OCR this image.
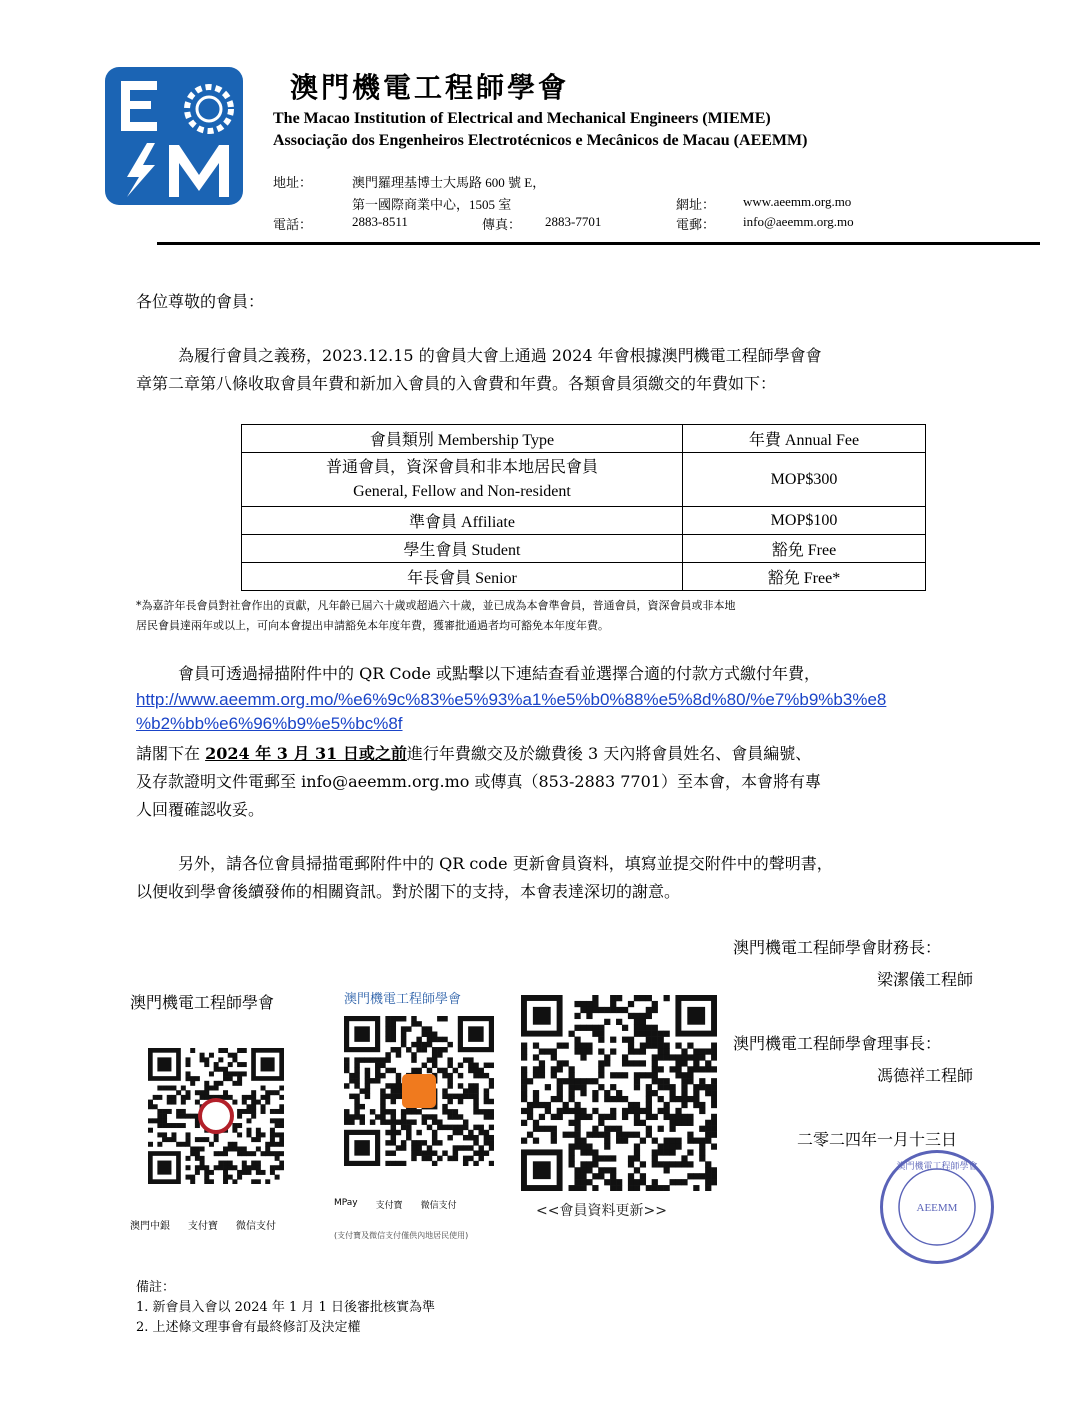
澳門機電工程師學會
The Macao Institution of Electrical and Mechanical Engineers (MIEME)
Associação dos Engenheiros Electrotécnicos e Mecânicos de Macau (AEEMM)
地址：	澳門羅理基博士大馬路 600 號 E，
第一國際商業中心，1505 室
電話：	2883-8511	傳真： 2883-7701
網址： www.aeemm.org.mo
電郵： info@aeemm.org.mo
各位尊敬的會員：
為履行會員之義務，2023.12.15 的會員大會上通過 2024 年會根據澳門機電工程師學會會
章第二章第八條收取會員年費和新加入會員的入會費和年費。各類會員須繳交的年費如下：
會員類別 Membership Type	年費 Annual Fee

普通會員，資深會員和非本地居民會員
General, Fellow and Non-resident	MOP$300
準會員 Affiliate	MOP$100
學生會員 Student	豁免 Free
年長會員 Senior	豁免 Free*
*為嘉許年長會員對社會作出的貢獻，凡年齡已屆六十歲或超過六十歲，並已成為本會準會員，普通會員，資深會員或非本地
居民會員達兩年或以上，可向本會提出申請豁免本年度年費，獲審批通過者均可豁免本年度年費。
會員可透過掃描附件中的 QR Code 或點擊以下連結查看並選擇合適的付款方式繳付年費，
http://www.aeemm.org.mo/%e6%9c%83%e5%93%a1%e5%b0%88%e5%8d%80/%e7%b9%b3%e8
%b2%bb%e6%96%b9%e5%bc%8f
請閣下在 2024 年 3 月 31 日或之前進行年費繳交及於繳費後 3 天內將會員姓名、會員編號、
及存款證明文件電郵至 info@aeemm.org.mo 或傳真（853-2883 7701）至本會，本會將有專
人回覆確認收妥。
另外，請各位會員掃描電郵附件中的 QR code 更新會員資料，填寫並提交附件中的聲明書，
以便收到學會後續發佈的相關資訊。對於閣下的支持，本會表達深切的謝意。
澳門機電工程師學會財務長：
梁潔儀工程師
澳門機電工程師學會理事長：
馮德祥工程師
二零二四年一月十三日
AEEMM
澳門機電工程師學會
澳門機電工程師學會
澳門中銀 支付寶 微信支付
澳門機電工程師學會
MPay 支付寶 微信支付
(支付寶及微信支付僅供內地居民使用)
<<會員資料更新>>
備註：
1. 新會員入會以 2024 年 1 月 1 日後審批核實為準
2. 上述條文理事會有最終修訂及決定權
